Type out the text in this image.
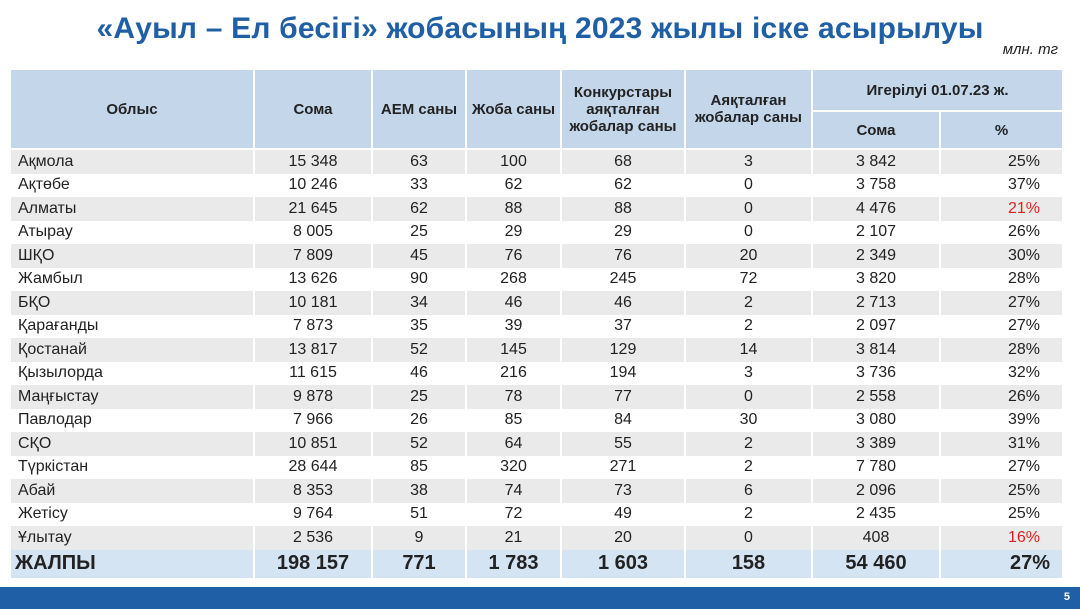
«Ауыл – Ел бесігі» жобасының 2023 жылы іске асырылуы
млн. тг
Облыс	Сома	АЕМ саны	Жоба саны	Конкурстары аяқталған жобалар саны	Аяқталған жобалар саны	Игерілуі 01.07.23 ж.	
						Сома	%
Ақмола	15 348	63	100	68	3	3 842	25%
Ақтөбе	10 246	33	62	62	0	3 758	37%
Алматы	21 645	62	88	88	0	4 476	21%
Атырау	8 005	25	29	29	0	2 107	26%
ШҚО	7 809	45	76	76	20	2 349	30%
Жамбыл	13 626	90	268	245	72	3 820	28%
БҚО	10 181	34	46	46	2	2 713	27%
Қарағанды	7 873	35	39	37	2	2 097	27%
Қостанай	13 817	52	145	129	14	3 814	28%
Қызылорда	11 615	46	216	194	3	3 736	32%
Маңғыстау	9 878	25	78	77	0	2 558	26%
Павлодар	7 966	26	85	84	30	3 080	39%
СҚО	10 851	52	64	55	2	3 389	31%
Түркістан	28 644	85	320	271	2	7 780	27%
Абай	8 353	38	74	73	6	2 096	25%
Жетісу	9 764	51	72	49	2	2 435	25%
Ұлытау	2 536	9	21	20	0	408	16%
ЖАЛПЫ	198 157	771	1 783	1 603	158	54 460	27%
5
